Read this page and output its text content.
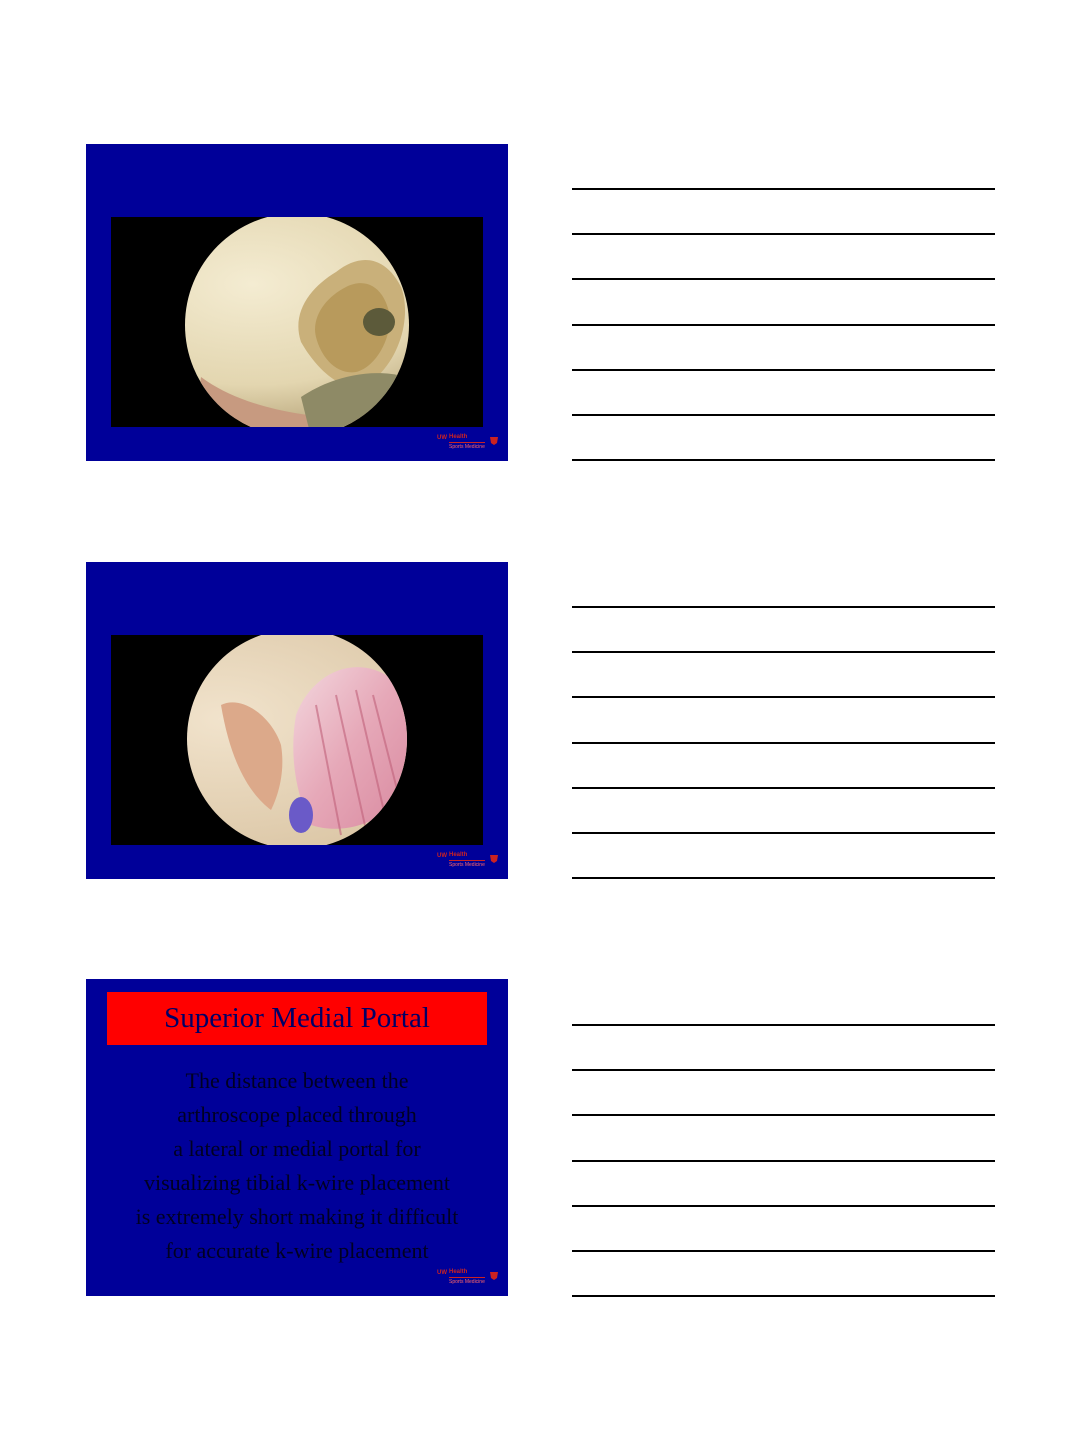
UW Health
Sports Medicine
UW Health
Sports Medicine
Superior Medial Portal
The distance between the
arthroscope placed through
a lateral or medial portal for
visualizing tibial k-wire placement
is extremely short making it difficult
for accurate k-wire placement
UW Health
Sports Medicine
